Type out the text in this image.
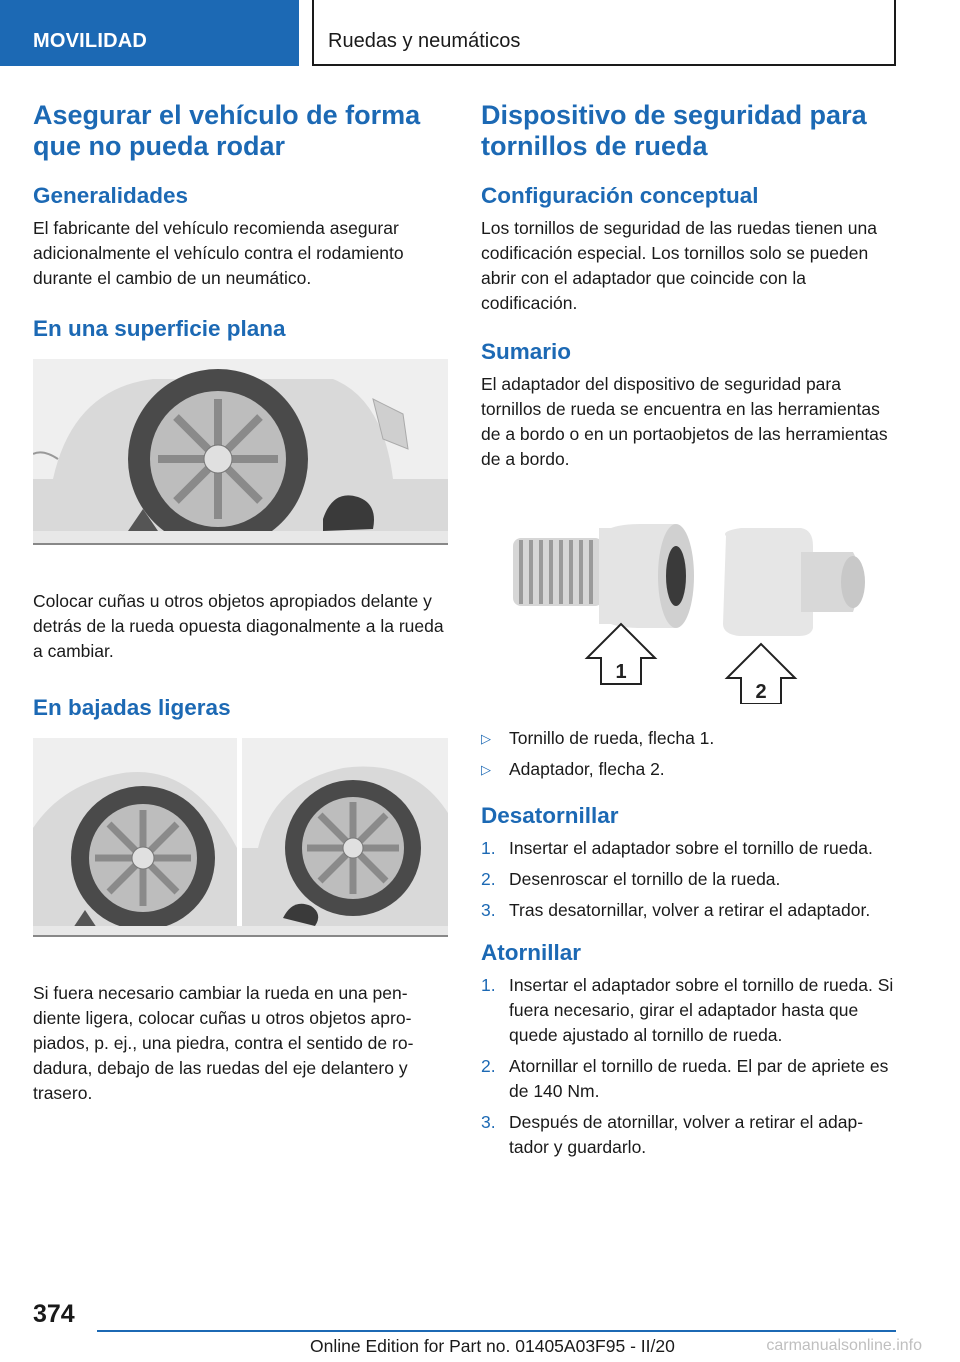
MOVILIDAD	Ruedas y neumáticos
Asegurar el vehículo de forma que no pueda rodar
Generalidades

El fabricante del vehículo recomienda asegurar adicionalmente el vehículo contra el rodamiento durante el cambio de un neumático.

En una superficie plana

Colocar cuñas u otros objetos apropiados delante y detrás de la rueda opuesta diagonalmente a la rueda a cambiar.

En bajadas ligeras

Si fuera necesario cambiar la rueda en una pendiente ligera, colocar cuñas u otros objetos apropiados, p. ej., una piedra, contra el sentido de rodadura, debajo de las ruedas del eje delantero y trasero.

Dispositivo de seguridad para tornillos de rueda
Configuración conceptual

Los tornillos de seguridad de las ruedas tienen una codificación especial. Los tornillos solo se pueden abrir con el adaptador que coincide con la codificación.

Sumario

El adaptador del dispositivo de seguridad para tornillos de rueda se encuentra en las herramientas de a bordo o en un portaobjetos de las herramientas de a bordo.

1
2
▷ Tornillo de rueda, flecha 1.
▷ Adaptador, flecha 2.
Desatornillar
1. Insertar el adaptador sobre el tornillo de rueda.
2. Desenroscar el tornillo de la rueda.
3. Tras desatornillar, volver a retirar el adaptador.
Atornillar
1. Insertar el adaptador sobre el tornillo de rueda. Si fuera necesario, girar el adaptador hasta que quede ajustado al tornillo de rueda.
2. Atornillar el tornillo de rueda. El par de apriete es de 140 Nm.
3. Después de atornillar, volver a retirar el adaptador y guardarlo.
374
Online Edition for Part no. 01405A03F95 - II/20	carmanualsonline.info
